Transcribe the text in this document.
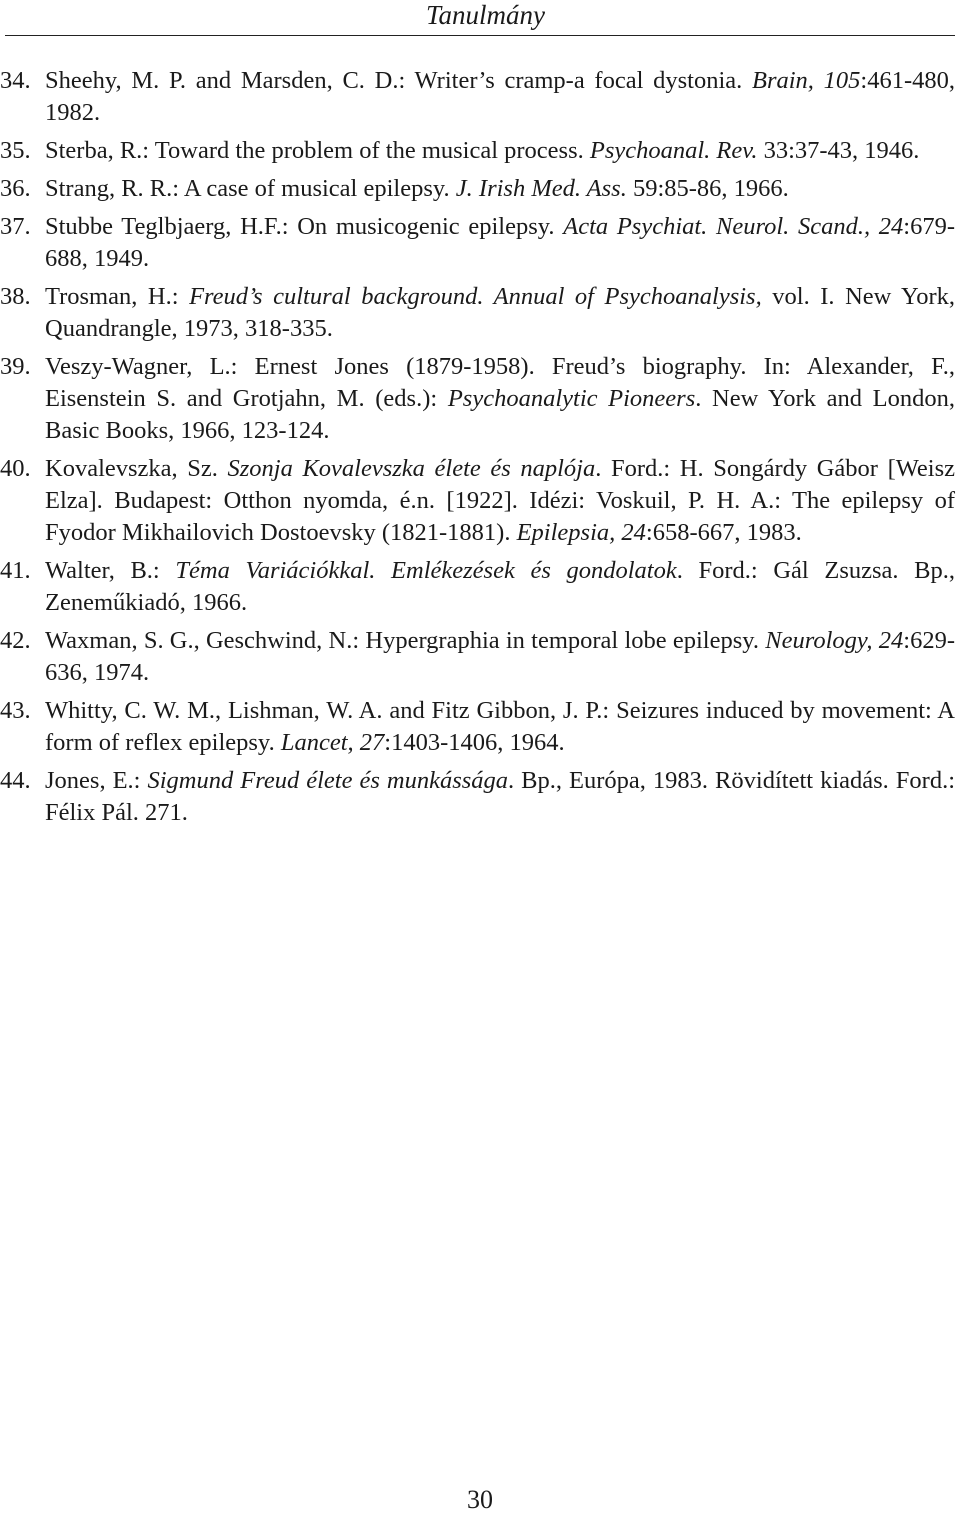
Tanulmány
34. Sheehy, M. P. and Marsden, C. D.: Writer’s cramp-a focal dystonia. Brain, 105:461-480, 1982.
35. Sterba, R.: Toward the problem of the musical process. Psychoanal. Rev. 33:37-43, 1946.
36. Strang, R. R.: A case of musical epilepsy. J. Irish Med. Ass. 59:85-86, 1966.
37. Stubbe Teglbjaerg, H.F.: On musicogenic epilepsy. Acta Psychiat. Neurol. Scand., 24:679-688, 1949.
38. Trosman, H.: Freud’s cultural background. Annual of Psychoanalysis, vol. I. New York, Quandrangle, 1973, 318-335.
39. Veszy-Wagner, L.: Ernest Jones (1879-1958). Freud’s biography. In: Alexander, F., Eisenstein S. and Grotjahn, M. (eds.): Psychoanalytic Pioneers. New York and London, Basic Books, 1966, 123-124.
40. Kovalevszka, Sz. Szonja Kovalevszka élete és naplója. Ford.: H. Songárdy Gábor [Weisz Elza]. Budapest: Otthon nyomda, é.n. [1922]. Idézi: Voskuil, P. H. A.: The epilepsy of Fyodor Mikhailovich Dostoevsky (1821-1881). Epilepsia, 24:658-667, 1983.
41. Walter, B.: Téma Variációkkal. Emlékezések és gondolatok. Ford.: Gál Zsuzsa. Bp., Zeneműkiadó, 1966.
42. Waxman, S. G., Geschwind, N.: Hypergraphia in temporal lobe epilepsy. Neurology, 24:629-636, 1974.
43. Whitty, C. W. M., Lishman, W. A. and Fitz Gibbon, J. P.: Seizures induced by movement: A form of reflex epilepsy. Lancet, 27:1403-1406, 1964.
44. Jones, E.: Sigmund Freud élete és munkássága. Bp., Európa, 1983. Rövidített kiadás. Ford.: Félix Pál. 271.
30
